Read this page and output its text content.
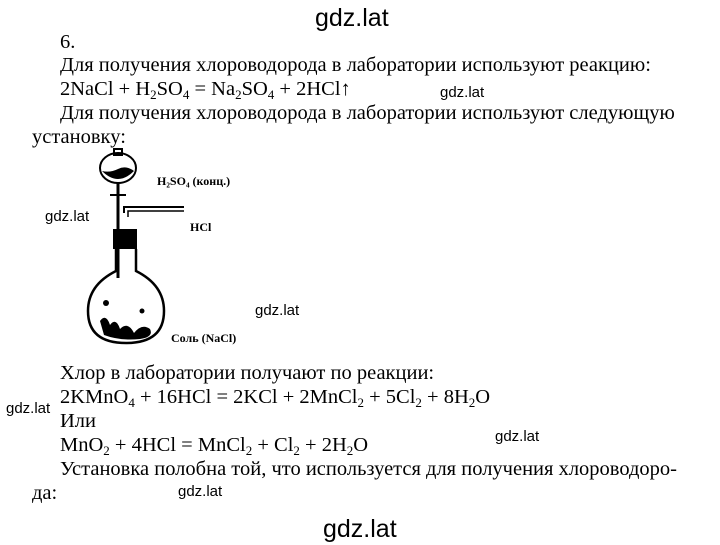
gdz.lat
gdz.lat
gdz.lat
gdz.lat
gdz.lat
gdz.lat
gdz.lat
gdz.lat
6.
Для получения хлороводорода в лаборатории используют реакцию:
2NaCl + $H_2SO_4 = Na_2SO_4$ + 2HCl↑
Для получения хлороводорода в лаборатории используют следующую
установку:
H₂SO₄ (конц.)
HCl
Соль (NaCl)
Хлор в лаборатории получают по реакции:
2KMnO$_4$ + 16HCl = 2KCl + 2MnCl$_2$ + $5Cl_2 + 8H_2O$
Или
MnO$_2$ + 4HCl = MnCl$_2$ + $Cl_2 + 2H_2O$
Установка полобна той, что используется для получения хлороводоро-
да:
